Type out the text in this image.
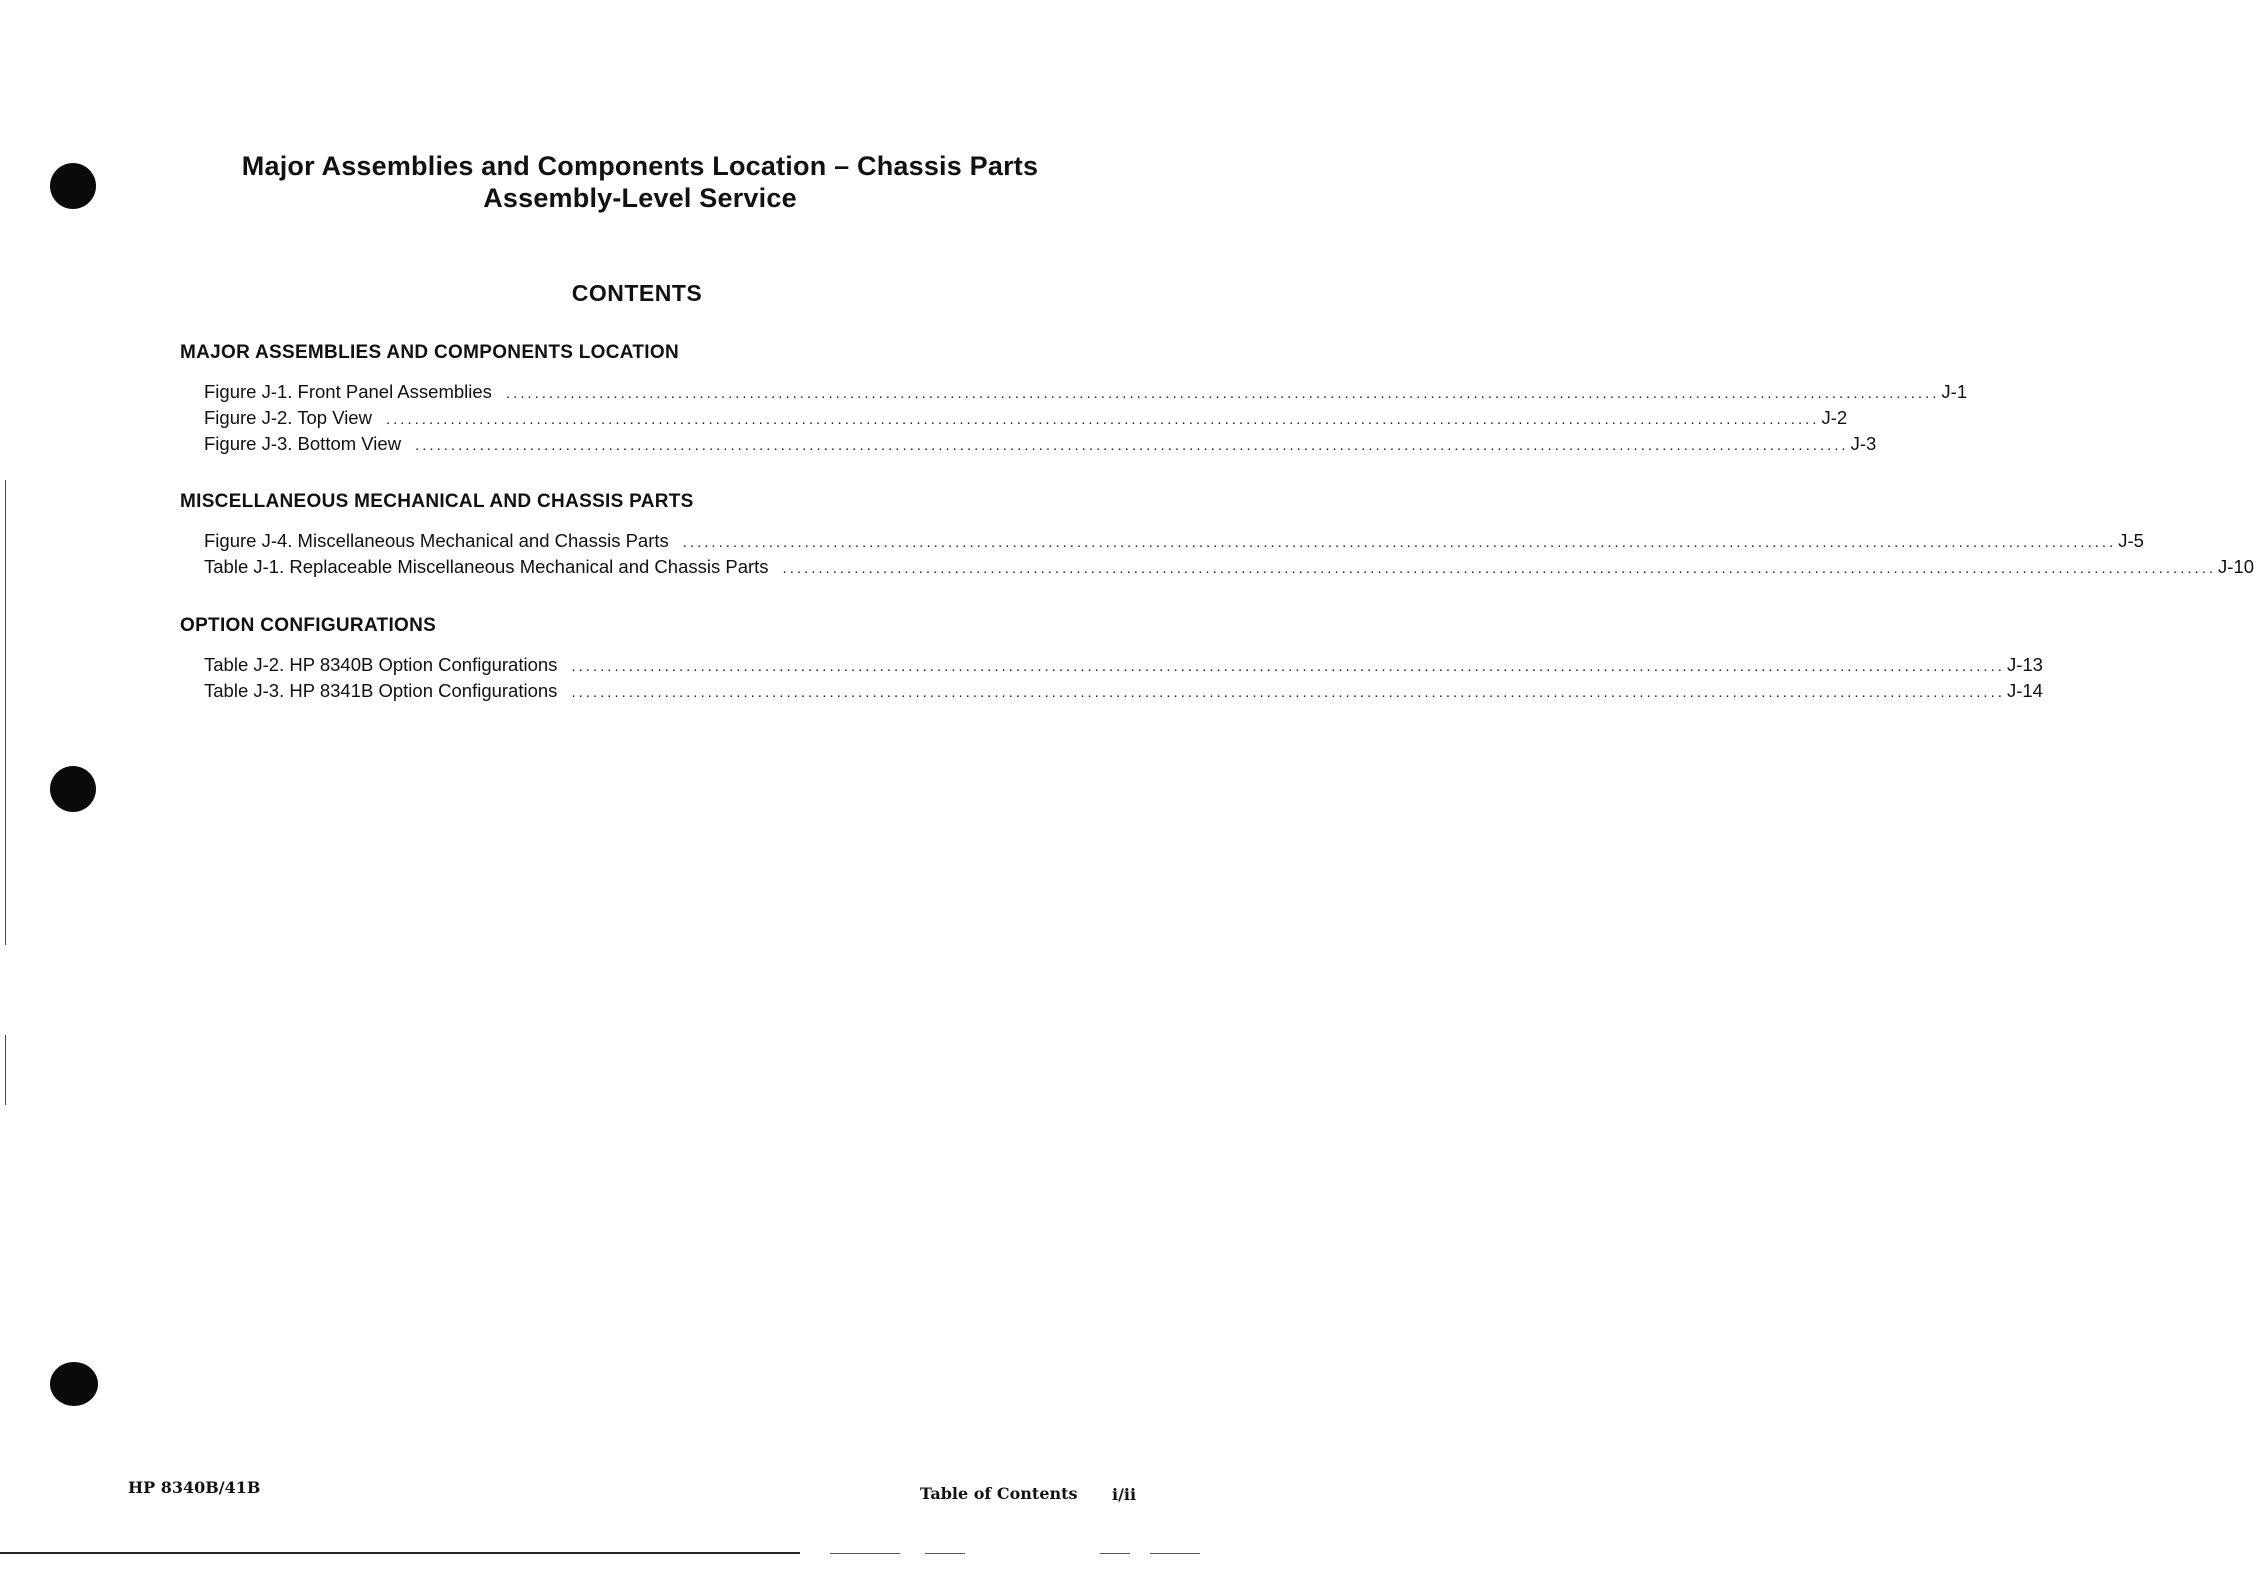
Major Assemblies and Components Location – Chassis Parts
Assembly-Level Service
CONTENTS
MAJOR ASSEMBLIES AND COMPONENTS LOCATION
Figure J-1. Front Panel Assemblies ........................................................................................................................................................................................................ J-1
Figure J-2. Top View ........................................................................................................................................................................................................ J-2
Figure J-3. Bottom View ........................................................................................................................................................................................................ J-3
MISCELLANEOUS MECHANICAL AND CHASSIS PARTS
Figure J-4. Miscellaneous Mechanical and Chassis Parts ........................................................................................................................................................................................................ J-5
Table J-1. Replaceable Miscellaneous Mechanical and Chassis Parts ........................................................................................................................................................................................................ J-10
OPTION CONFIGURATIONS
Table J-2. HP 8340B Option Configurations ........................................................................................................................................................................................................ J-13
Table J-3. HP 8341B Option Configurations ........................................................................................................................................................................................................ J-14
HP 8340B/41B	Table of Contents i/ii
